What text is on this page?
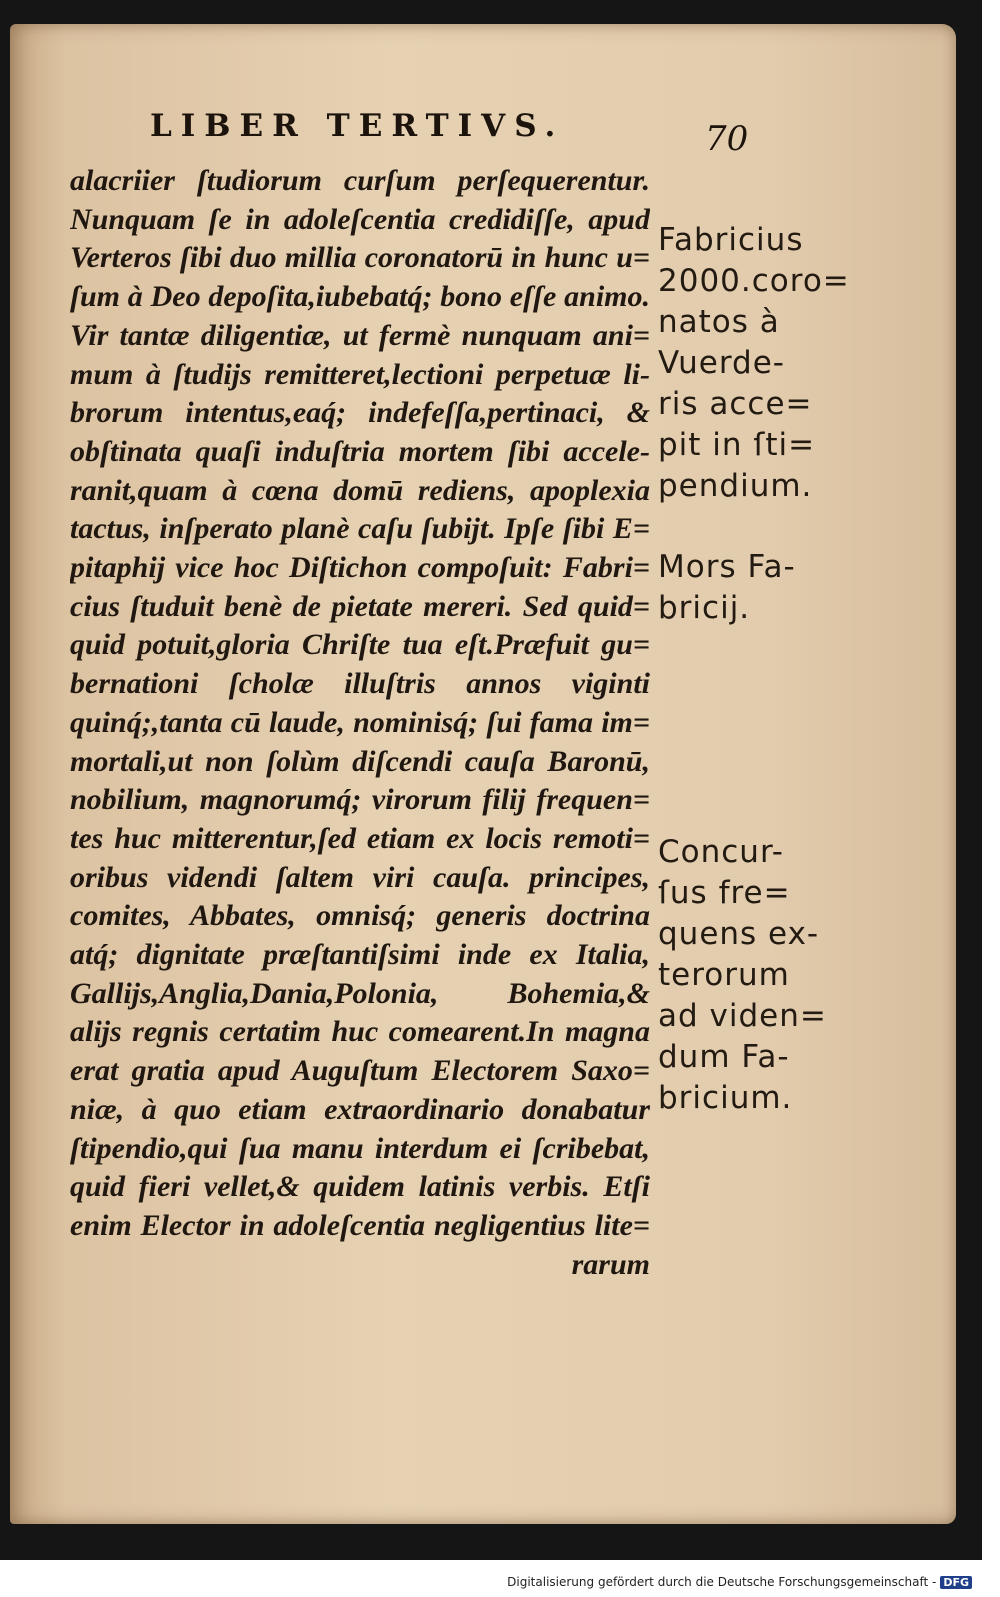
LIBER TERTIVS.	70
alacriier ſtudiorum curſum perſequerentur.
Nunquam ſe in adoleſcentia credidiſſe, apud
Verteros ſibi duo millia coronatorū in hunc u=
ſum à Deo depoſita,iubebatq́; bono eſſe animo.
Vir tantæ diligentiæ, ut fermè nunquam ani=
mum à ſtudijs remitteret,lectioni perpetuæ li-
brorum intentus,eaq́; indefeſſa,pertinaci, &
obſtinata quaſi induſtria mortem ſibi accele-
ranit,quam à cœna domū rediens, apoplexia
tactus, inſperato planè caſu ſubijt. Ipſe ſibi E=
pitaphij vice hoc Diſtichon compoſuit: Fabri=
cius ſtuduit benè de pietate mereri. Sed quid=
quid potuit,gloria Chriſte tua eſt.Præfuit gu=
bernationi ſcholæ illuſtris annos viginti
quinq́;,tanta cū laude, nominisq́; ſui fama im=
mortali,ut non ſolùm diſcendi cauſa Baronū,
nobilium, magnorumq́; virorum filij frequen=
tes huc mitterentur,ſed etiam ex locis remoti=
oribus videndi ſaltem viri cauſa. principes,
comites, Abbates, omnisq́; generis doctrina
atq́; dignitate præſtantiſsimi inde ex Italia,
Gallijs,Anglia,Dania,Polonia, Bohemia,&
alijs regnis certatim huc comearent.In magna
erat gratia apud Auguſtum Electorem Saxo=
niæ, à quo etiam extraordinario donabatur
ſtipendio,qui ſua manu interdum ei ſcribebat,
quid fieri vellet,& quidem latinis verbis. Etſi
enim Elector in adoleſcentia negligentius lite=
rarum
Fabricius
2000.coro=
natos à
Vuerde-
ris acce=
pit in ſti=
pendium.
Mors Fa-
bricij.
Concur-
ſus fre=
quens ex-
terorum
ad viden=
dum Fa-
bricium.
Digitalisierung gefördert durch die Deutsche Forschungsgemeinschaft - DFG
